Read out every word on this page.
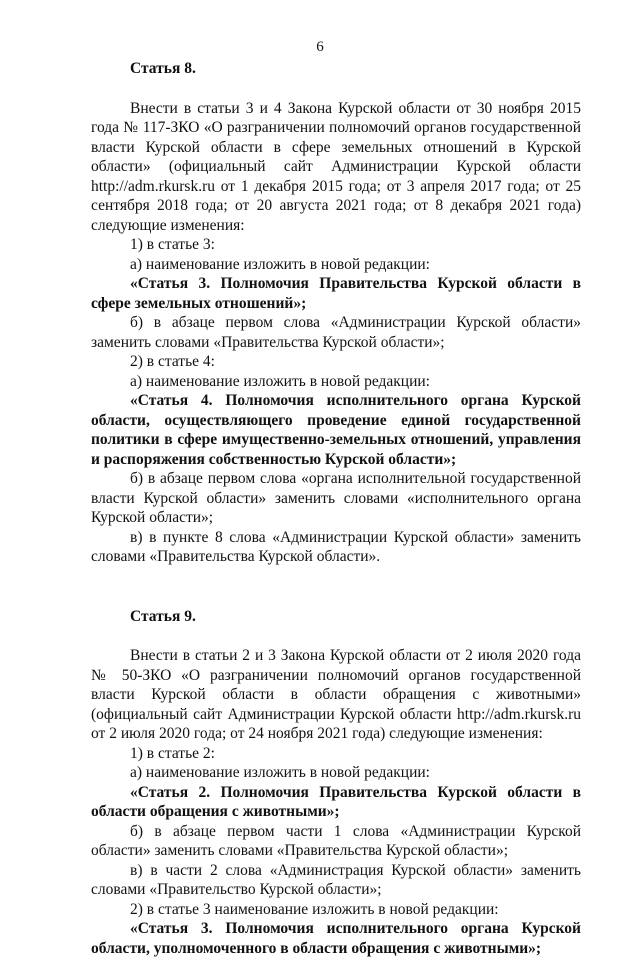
6

Статья 8.

Внести в статьи 3 и 4 Закона Курской области от 30 ноября 2015 года № 117-ЗКО «О разграничении полномочий органов государственной власти Курской области в сфере земельных отношений в Курской области» (официальный сайт Администрации Курской области http://adm.rkursk.ru от 1 декабря 2015 года; от 3 апреля 2017 года; от 25 сентября 2018 года; от 20 августа 2021 года; от 8 декабря 2021 года) следующие изменения:

1) в статье 3:

а) наименование изложить в новой редакции:

«Статья 3. Полномочия Правительства Курской области в сфере земельных отношений»;

б) в абзаце первом слова «Администрации Курской области» заменить словами «Правительства Курской области»;

2) в статье 4:

а) наименование изложить в новой редакции:

«Статья 4. Полномочия исполнительного органа Курской области, осуществляющего проведение единой государственной политики в сфере имущественно-земельных отношений, управления и распоряжения собственностью Курской области»;

б) в абзаце первом слова «органа исполнительной государственной власти Курской области» заменить словами «исполнительного органа Курской области»;

в) в пункте 8 слова «Администрации Курской области» заменить словами «Правительства Курской области».

Статья 9.

Внести в статьи 2 и 3 Закона Курской области от 2 июля 2020 года № 50-ЗКО «О разграничении полномочий органов государственной власти Курской области в области обращения с животными» (официальный сайт Администрации Курской области http://adm.rkursk.ru от 2 июля 2020 года; от 24 ноября 2021 года) следующие изменения:

1) в статье 2:

а) наименование изложить в новой редакции:

«Статья 2. Полномочия Правительства Курской области в области обращения с животными»;

б) в абзаце первом части 1 слова «Администрации Курской области» заменить словами «Правительства Курской области»;

в) в части 2 слова «Администрация Курской области» заменить словами «Правительство Курской области»;

2) в статье 3 наименование изложить в новой редакции:

«Статья 3. Полномочия исполнительного органа Курской области, уполномоченного в области обращения с животными»;
